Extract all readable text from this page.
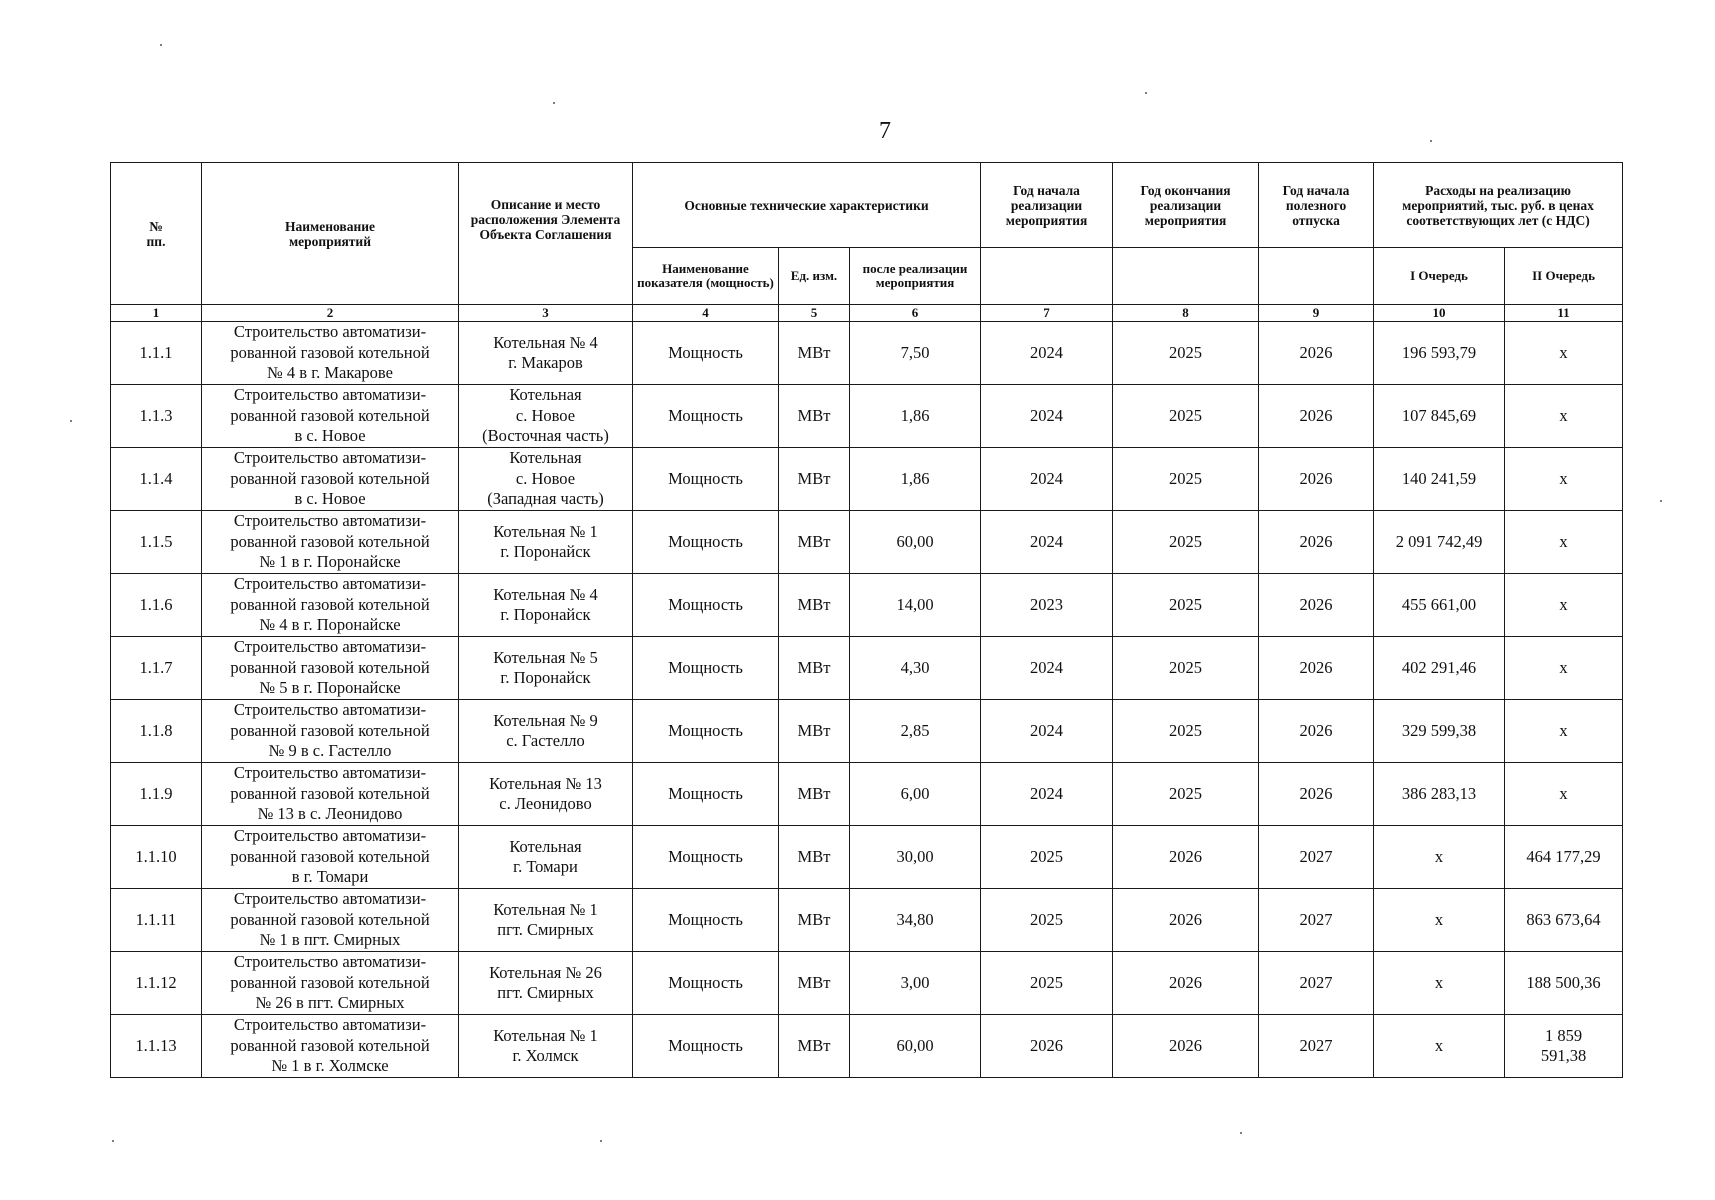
7
№
пп.	Наименование мероприятий	Описание и место расположения Элемента Объекта Соглашения	Основные технические характеристики			Год начала реализации мероприятия	Год окончания реализации мероприятия	Год начала полезного отпуска	Расходы на реализацию мероприятий, тыс. руб. в ценах соответствующих лет (с НДС)	
			Наименование показателя (мощность)	Ед. изм.	после реализации мероприятия				I Очередь	II Очередь
1	2	3	4	5	6	7	8	9	10	11
1.1.1	Строительство автоматизи-
рованной газовой котельной
№ 4 в г. Макарове	Котельная № 4
г. Макаров	Мощность	МВт	7,50	2024	2025	2026	196 593,79	х
1.1.3	Строительство автоматизи-
рованной газовой котельной
в с. Новое	Котельная
с. Новое
(Восточная часть)	Мощность	МВт	1,86	2024	2025	2026	107 845,69	х
1.1.4	Строительство автоматизи-
рованной газовой котельной
в с. Новое	Котельная
с. Новое
(Западная часть)	Мощность	МВт	1,86	2024	2025	2026	140 241,59	х
1.1.5	Строительство автоматизи-
рованной газовой котельной
№ 1 в г. Поронайске	Котельная № 1
г. Поронайск	Мощность	МВт	60,00	2024	2025	2026	2 091 742,49	х
1.1.6	Строительство автоматизи-
рованной газовой котельной
№ 4 в г. Поронайске	Котельная № 4
г. Поронайск	Мощность	МВт	14,00	2023	2025	2026	455 661,00	х
1.1.7	Строительство автоматизи-
рованной газовой котельной
№ 5 в г. Поронайске	Котельная № 5
г. Поронайск	Мощность	МВт	4,30	2024	2025	2026	402 291,46	х
1.1.8	Строительство автоматизи-
рованной газовой котельной
№ 9 в с. Гастелло	Котельная № 9
с. Гастелло	Мощность	МВт	2,85	2024	2025	2026	329 599,38	х
1.1.9	Строительство автоматизи-
рованной газовой котельной
№ 13 в с. Леонидово	Котельная № 13
с. Леонидово	Мощность	МВт	6,00	2024	2025	2026	386 283,13	х
1.1.10	Строительство автоматизи-
рованной газовой котельной
в г. Томари	Котельная
г. Томари	Мощность	МВт	30,00	2025	2026	2027	х	464 177,29
1.1.11	Строительство автоматизи-
рованной газовой котельной
№ 1 в пгт. Смирных	Котельная № 1
пгт. Смирных	Мощность	МВт	34,80	2025	2026	2027	х	863 673,64
1.1.12	Строительство автоматизи-
рованной газовой котельной
№ 26 в пгт. Смирных	Котельная № 26
пгт. Смирных	Мощность	МВт	3,00	2025	2026	2027	х	188 500,36
1.1.13	Строительство автоматизи-
рованной газовой котельной
№ 1 в г. Холмске	Котельная № 1
г. Холмск	Мощность	МВт	60,00	2026	2026	2027	х	1 859
591,38
